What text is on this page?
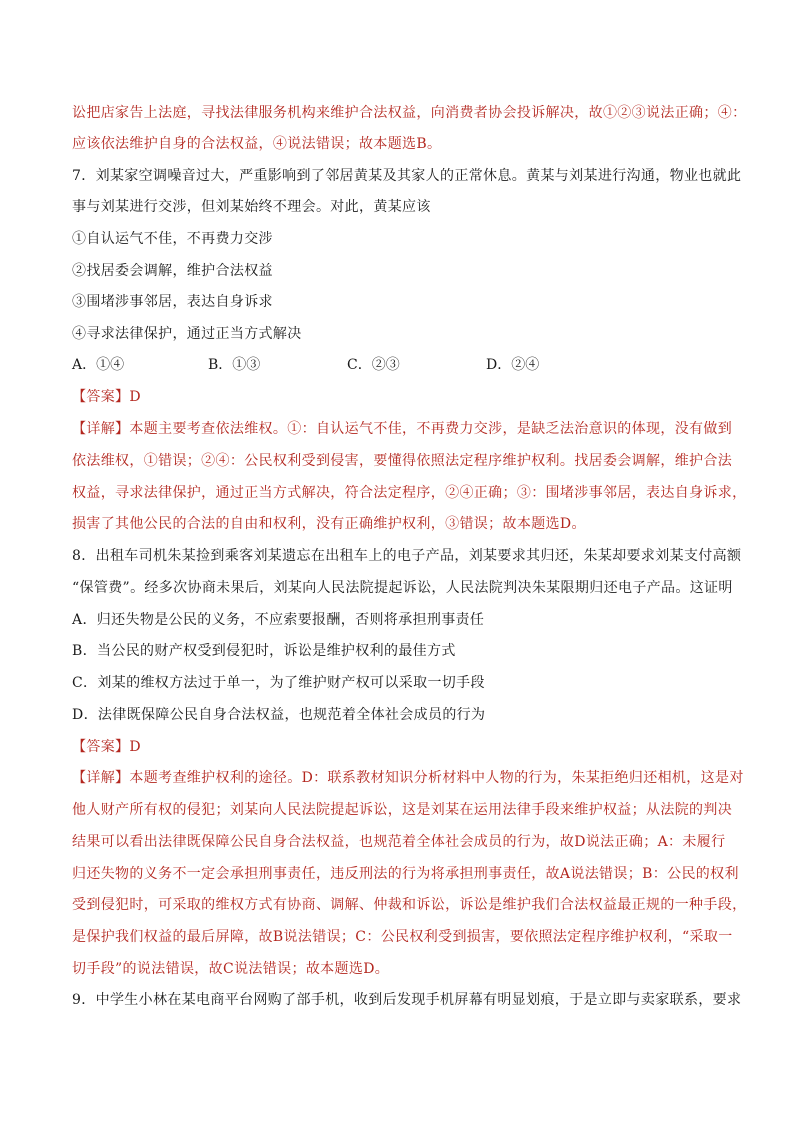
讼把店家告上法庭，寻找法律服务机构来维护合法权益，向消费者协会投诉解决，故①②③说法正确；④：
应该依法维护自身的合法权益，④说法错误；故本题选B。
7．刘某家空调噪音过大，严重影响到了邻居黄某及其家人的正常休息。黄某与刘某进行沟通，物业也就此
事与刘某进行交涉，但刘某始终不理会。对此，黄某应该
①自认运气不佳，不再费力交涉
②找居委会调解，维护合法权益
③围堵涉事邻居，表达自身诉求
④寻求法律保护，通过正当方式解决
A．①④	B．①③	C．②③	D．②④
【答案】D
【详解】本题主要考查依法维权。①：自认运气不佳，不再费力交涉，是缺乏法治意识的体现，没有做到
依法维权，①错误；②④：公民权利受到侵害，要懂得依照法定程序维护权利。找居委会调解，维护合法
权益，寻求法律保护，通过正当方式解决，符合法定程序，②④正确；③：围堵涉事邻居，表达自身诉求，
损害了其他公民的合法的自由和权利，没有正确维护权利，③错误；故本题选D。
8．出租车司机朱某捡到乘客刘某遗忘在出租车上的电子产品，刘某要求其归还，朱某却要求刘某支付高额
“保管费”。经多次协商未果后，刘某向人民法院提起诉讼，人民法院判决朱某限期归还电子产品。这证明
A．归还失物是公民的义务，不应索要报酬，否则将承担刑事责任
B．当公民的财产权受到侵犯时，诉讼是维护权利的最佳方式
C．刘某的维权方法过于单一，为了维护财产权可以采取一切手段
D．法律既保障公民自身合法权益，也规范着全体社会成员的行为
【答案】D
【详解】本题考查维护权利的途径。D：联系教材知识分析材料中人物的行为，朱某拒绝归还相机，这是对
他人财产所有权的侵犯；刘某向人民法院提起诉讼，这是刘某在运用法律手段来维护权益；从法院的判决
结果可以看出法律既保障公民自身合法权益，也规范着全体社会成员的行为，故D说法正确；A：未履行
归还失物的义务不一定会承担刑事责任，违反刑法的行为将承担刑事责任，故A说法错误；B：公民的权利
受到侵犯时，可采取的维权方式有协商、调解、仲裁和诉讼，诉讼是维护我们合法权益最正规的一种手段，
是保护我们权益的最后屏障，故B说法错误；C：公民权利受到损害，要依照法定程序维护权利，“采取一
切手段”的说法错误，故C说法错误；故本题选D。
9．中学生小林在某电商平台网购了部手机，收到后发现手机屏幕有明显划痕，于是立即与卖家联系，要求
